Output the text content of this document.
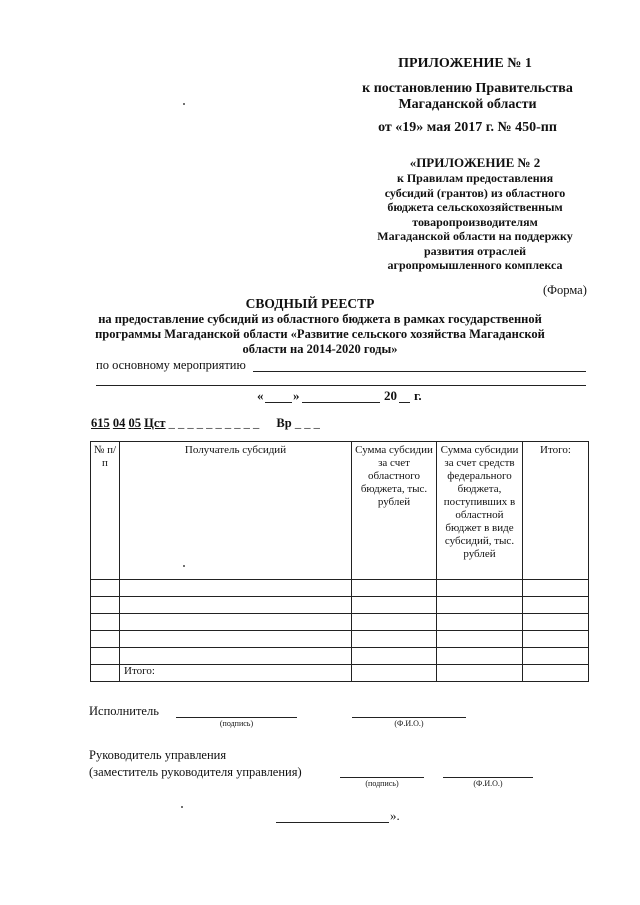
ПРИЛОЖЕНИЕ № 1
к постановлению Правительства
Магаданской области
от «19» мая 2017 г. № 450-пп
«ПРИЛОЖЕНИЕ № 2
к Правилам предоставления
субсидий (грантов) из областного
бюджета сельскохозяйственным
товаропроизводителям
Магаданской области на поддержку
развития отраслей
агропромышленного комплекса
(Форма)
СВОДНЫЙ РЕЕСТР
на предоставление субсидий из областного бюджета в рамках государственной
программы Магаданской области «Развитие сельского хозяйства Магаданской
области на 2014-2020 годы»
по основному мероприятию
« »	20 г.
615 04 05 Цст _ _ _ _ _ _ _ _ _ _ Вр _ _ _
№ п/п	Получатель субсидий	Сумма субсидии за счет областного бюджета, тыс. рублей	Сумма субсидии за счет средств федерального бюджета, поступивших в областной бюджет в виде субсидий, тыс. рублей	Итого:

	Итого:			
Исполнитель
(подпись)	(Ф.И.О.)
Руководитель управления
(заместитель руководителя управления)
(подпись)	(Ф.И.О.)
».
